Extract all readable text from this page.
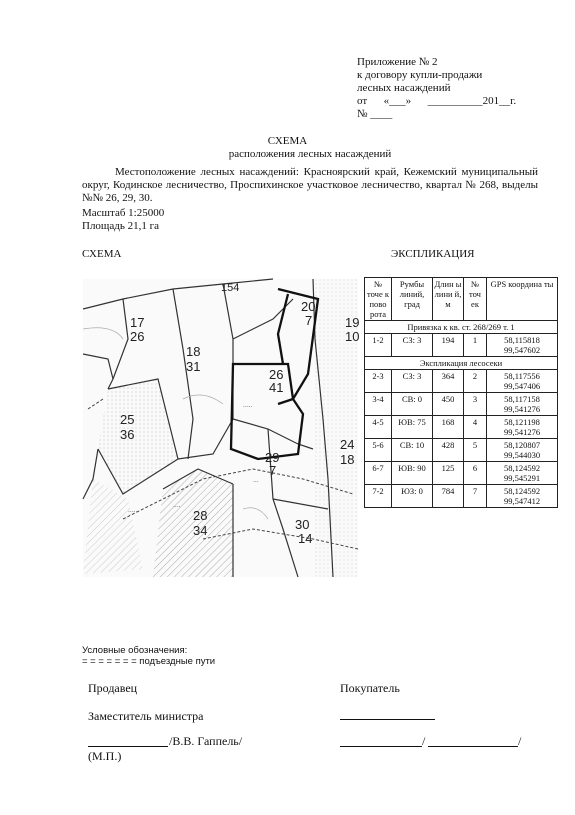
Приложение № 2
к договору купли-продажи
лесных насаждений
от      «___»      __________201__г.
№ ____
СХЕМА
расположения лесных насаждений
Местоположение лесных насаждений: Красноярский край, Кежемский муниципальный округ, Кодинское лесничество, Проспихинское участковое лесничество, квартал № 268, выделы №№ 26, 29, 30.
Масштаб 1:25000
Площадь 21,1 га
СХЕМА	ЭКСПЛИКАЦИЯ
17
26
18
31
20
7	19
10
25
36
26
41
24
18
29
7
28
34	30
14
154
·····
····
·····
···
№ точе к пово рота	Румбы линий, град	Длин ы лини й, м	№ точ ек	GPS координа ты
Привязка к кв. ст. 268/269 т. 1				
1-2	СЗ: 3	194	1	58,115818
99,547602
Экспликация лесосеки				
2-3	СЗ: 3	364	2	58,117556
99,547406
3-4	СВ: 0	450	3	58,117158
99,541276
4-5	ЮВ: 75	168	4	58,121198
99,541276
5-6	СВ: 10	428	5	58,120807
99,544030
6-7	ЮВ: 90	125	6	58,124592
99,545291
7-2	ЮЗ: 0	784	7	58,124592
99,547412
Условные обозначения:
= = = = = = = подъездные пути
Продавец
Заместитель министра
/В.В. Гаппель/
(М.П.)
Покупатель
/	/
